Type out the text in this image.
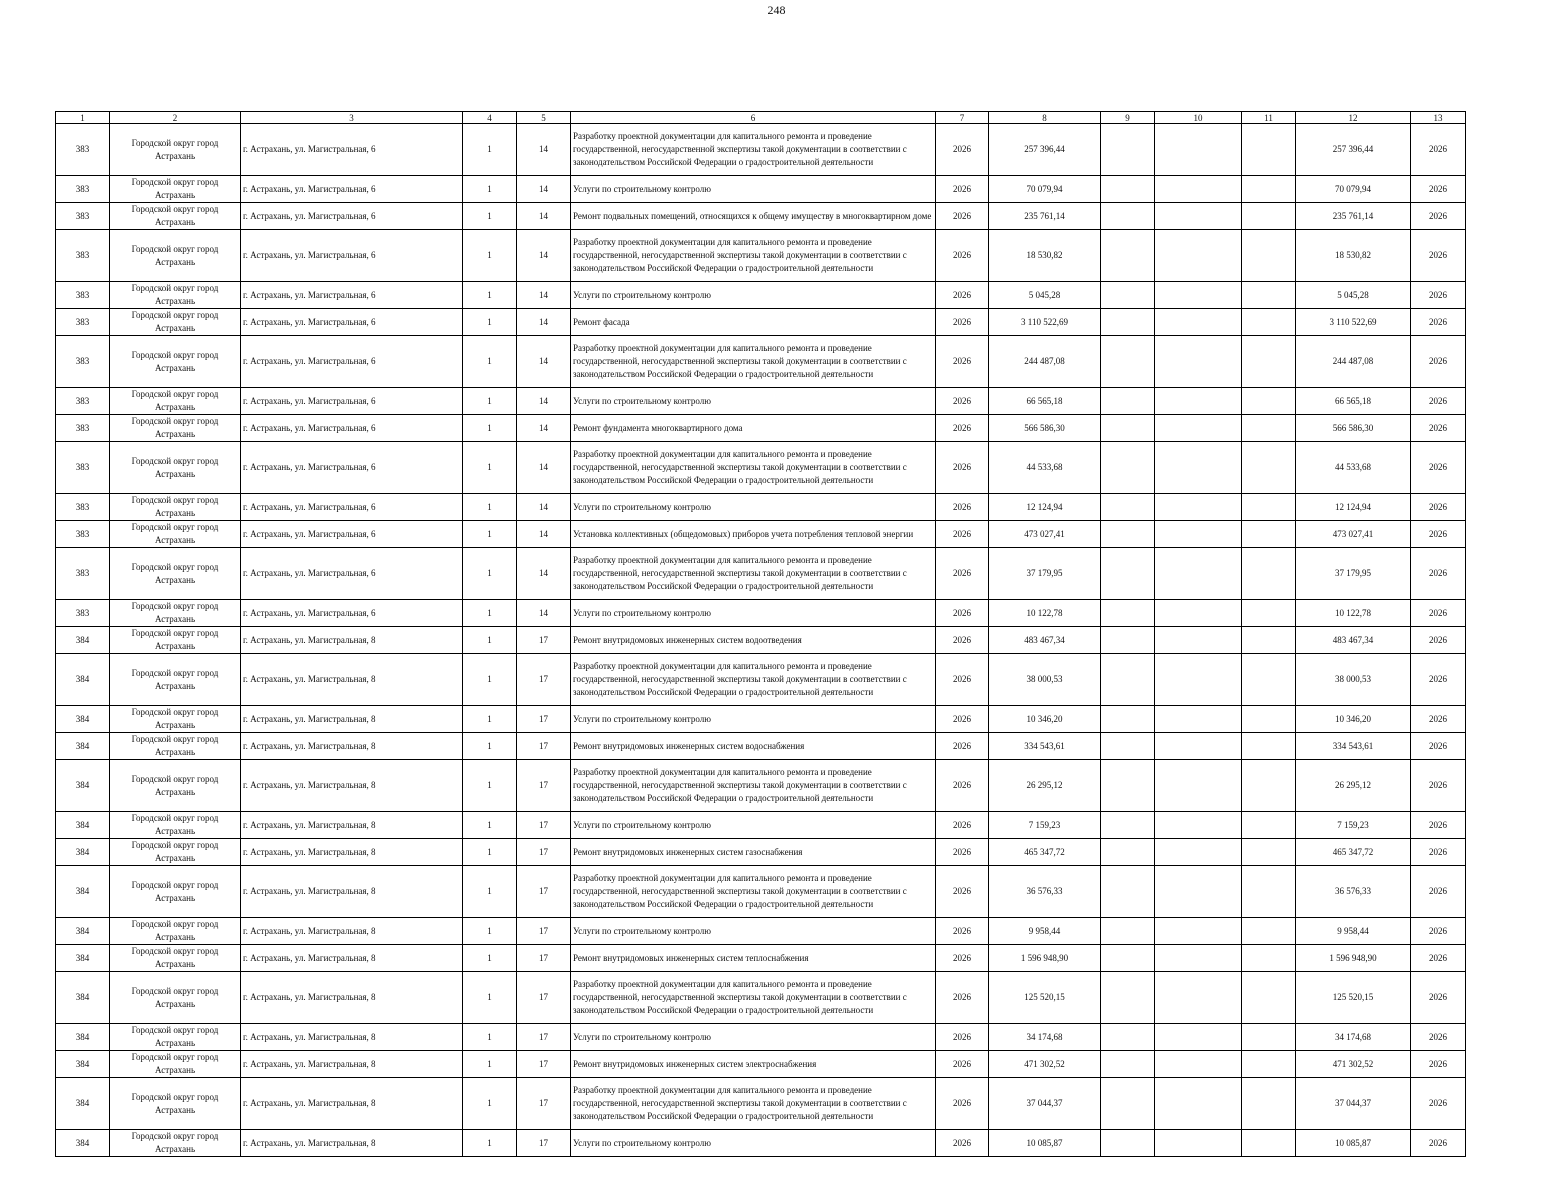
248
1	2	3	4	5	6	7	8	9	10	11	12	13
383	Городской округ город Астрахань	г. Астрахань, ул. Магистральная, 6	1	14	Разработку проектной документации для капитального ремонта и проведение государственной, негосударственной экспертизы такой документации в соответствии с законодательством Российской Федерации о градостроительной деятельности	2026	257 396,44				257 396,44	2026
383	Городской округ город Астрахань	г. Астрахань, ул. Магистральная, 6	1	14	Услуги по строительному контролю	2026	70 079,94				70 079,94	2026
383	Городской округ город Астрахань	г. Астрахань, ул. Магистральная, 6	1	14	Ремонт подвальных помещений, относящихся к общему имуществу в многоквартирном доме	2026	235 761,14				235 761,14	2026
383	Городской округ город Астрахань	г. Астрахань, ул. Магистральная, 6	1	14	Разработку проектной документации для капитального ремонта и проведение государственной, негосударственной экспертизы такой документации в соответствии с законодательством Российской Федерации о градостроительной деятельности	2026	18 530,82				18 530,82	2026
383	Городской округ город Астрахань	г. Астрахань, ул. Магистральная, 6	1	14	Услуги по строительному контролю	2026	5 045,28				5 045,28	2026
383	Городской округ город Астрахань	г. Астрахань, ул. Магистральная, 6	1	14	Ремонт фасада	2026	3 110 522,69				3 110 522,69	2026
383	Городской округ город Астрахань	г. Астрахань, ул. Магистральная, 6	1	14	Разработку проектной документации для капитального ремонта и проведение государственной, негосударственной экспертизы такой документации в соответствии с законодательством Российской Федерации о градостроительной деятельности	2026	244 487,08				244 487,08	2026
383	Городской округ город Астрахань	г. Астрахань, ул. Магистральная, 6	1	14	Услуги по строительному контролю	2026	66 565,18				66 565,18	2026
383	Городской округ город Астрахань	г. Астрахань, ул. Магистральная, 6	1	14	Ремонт фундамента многоквартирного дома	2026	566 586,30				566 586,30	2026
383	Городской округ город Астрахань	г. Астрахань, ул. Магистральная, 6	1	14	Разработку проектной документации для капитального ремонта и проведение государственной, негосударственной экспертизы такой документации в соответствии с законодательством Российской Федерации о градостроительной деятельности	2026	44 533,68				44 533,68	2026
383	Городской округ город Астрахань	г. Астрахань, ул. Магистральная, 6	1	14	Услуги по строительному контролю	2026	12 124,94				12 124,94	2026
383	Городской округ город Астрахань	г. Астрахань, ул. Магистральная, 6	1	14	Установка коллективных (общедомовых) приборов учета потребления тепловой энергии	2026	473 027,41				473 027,41	2026
383	Городской округ город Астрахань	г. Астрахань, ул. Магистральная, 6	1	14	Разработку проектной документации для капитального ремонта и проведение государственной, негосударственной экспертизы такой документации в соответствии с законодательством Российской Федерации о градостроительной деятельности	2026	37 179,95				37 179,95	2026
383	Городской округ город Астрахань	г. Астрахань, ул. Магистральная, 6	1	14	Услуги по строительному контролю	2026	10 122,78				10 122,78	2026
384	Городской округ город Астрахань	г. Астрахань, ул. Магистральная, 8	1	17	Ремонт внутридомовых инженерных систем водоотведения	2026	483 467,34				483 467,34	2026
384	Городской округ город Астрахань	г. Астрахань, ул. Магистральная, 8	1	17	Разработку проектной документации для капитального ремонта и проведение государственной, негосударственной экспертизы такой документации в соответствии с законодательством Российской Федерации о градостроительной деятельности	2026	38 000,53				38 000,53	2026
384	Городской округ город Астрахань	г. Астрахань, ул. Магистральная, 8	1	17	Услуги по строительному контролю	2026	10 346,20				10 346,20	2026
384	Городской округ город Астрахань	г. Астрахань, ул. Магистральная, 8	1	17	Ремонт внутридомовых инженерных систем водоснабжения	2026	334 543,61				334 543,61	2026
384	Городской округ город Астрахань	г. Астрахань, ул. Магистральная, 8	1	17	Разработку проектной документации для капитального ремонта и проведение государственной, негосударственной экспертизы такой документации в соответствии с законодательством Российской Федерации о градостроительной деятельности	2026	26 295,12				26 295,12	2026
384	Городской округ город Астрахань	г. Астрахань, ул. Магистральная, 8	1	17	Услуги по строительному контролю	2026	7 159,23				7 159,23	2026
384	Городской округ город Астрахань	г. Астрахань, ул. Магистральная, 8	1	17	Ремонт внутридомовых инженерных систем газоснабжения	2026	465 347,72				465 347,72	2026
384	Городской округ город Астрахань	г. Астрахань, ул. Магистральная, 8	1	17	Разработку проектной документации для капитального ремонта и проведение государственной, негосударственной экспертизы такой документации в соответствии с законодательством Российской Федерации о градостроительной деятельности	2026	36 576,33				36 576,33	2026
384	Городской округ город Астрахань	г. Астрахань, ул. Магистральная, 8	1	17	Услуги по строительному контролю	2026	9 958,44				9 958,44	2026
384	Городской округ город Астрахань	г. Астрахань, ул. Магистральная, 8	1	17	Ремонт внутридомовых инженерных систем теплоснабжения	2026	1 596 948,90				1 596 948,90	2026
384	Городской округ город Астрахань	г. Астрахань, ул. Магистральная, 8	1	17	Разработку проектной документации для капитального ремонта и проведение государственной, негосударственной экспертизы такой документации в соответствии с законодательством Российской Федерации о градостроительной деятельности	2026	125 520,15				125 520,15	2026
384	Городской округ город Астрахань	г. Астрахань, ул. Магистральная, 8	1	17	Услуги по строительному контролю	2026	34 174,68				34 174,68	2026
384	Городской округ город Астрахань	г. Астрахань, ул. Магистральная, 8	1	17	Ремонт внутридомовых инженерных систем электроснабжения	2026	471 302,52				471 302,52	2026
384	Городской округ город Астрахань	г. Астрахань, ул. Магистральная, 8	1	17	Разработку проектной документации для капитального ремонта и проведение государственной, негосударственной экспертизы такой документации в соответствии с законодательством Российской Федерации о градостроительной деятельности	2026	37 044,37				37 044,37	2026
384	Городской округ город Астрахань	г. Астрахань, ул. Магистральная, 8	1	17	Услуги по строительному контролю	2026	10 085,87				10 085,87	2026
